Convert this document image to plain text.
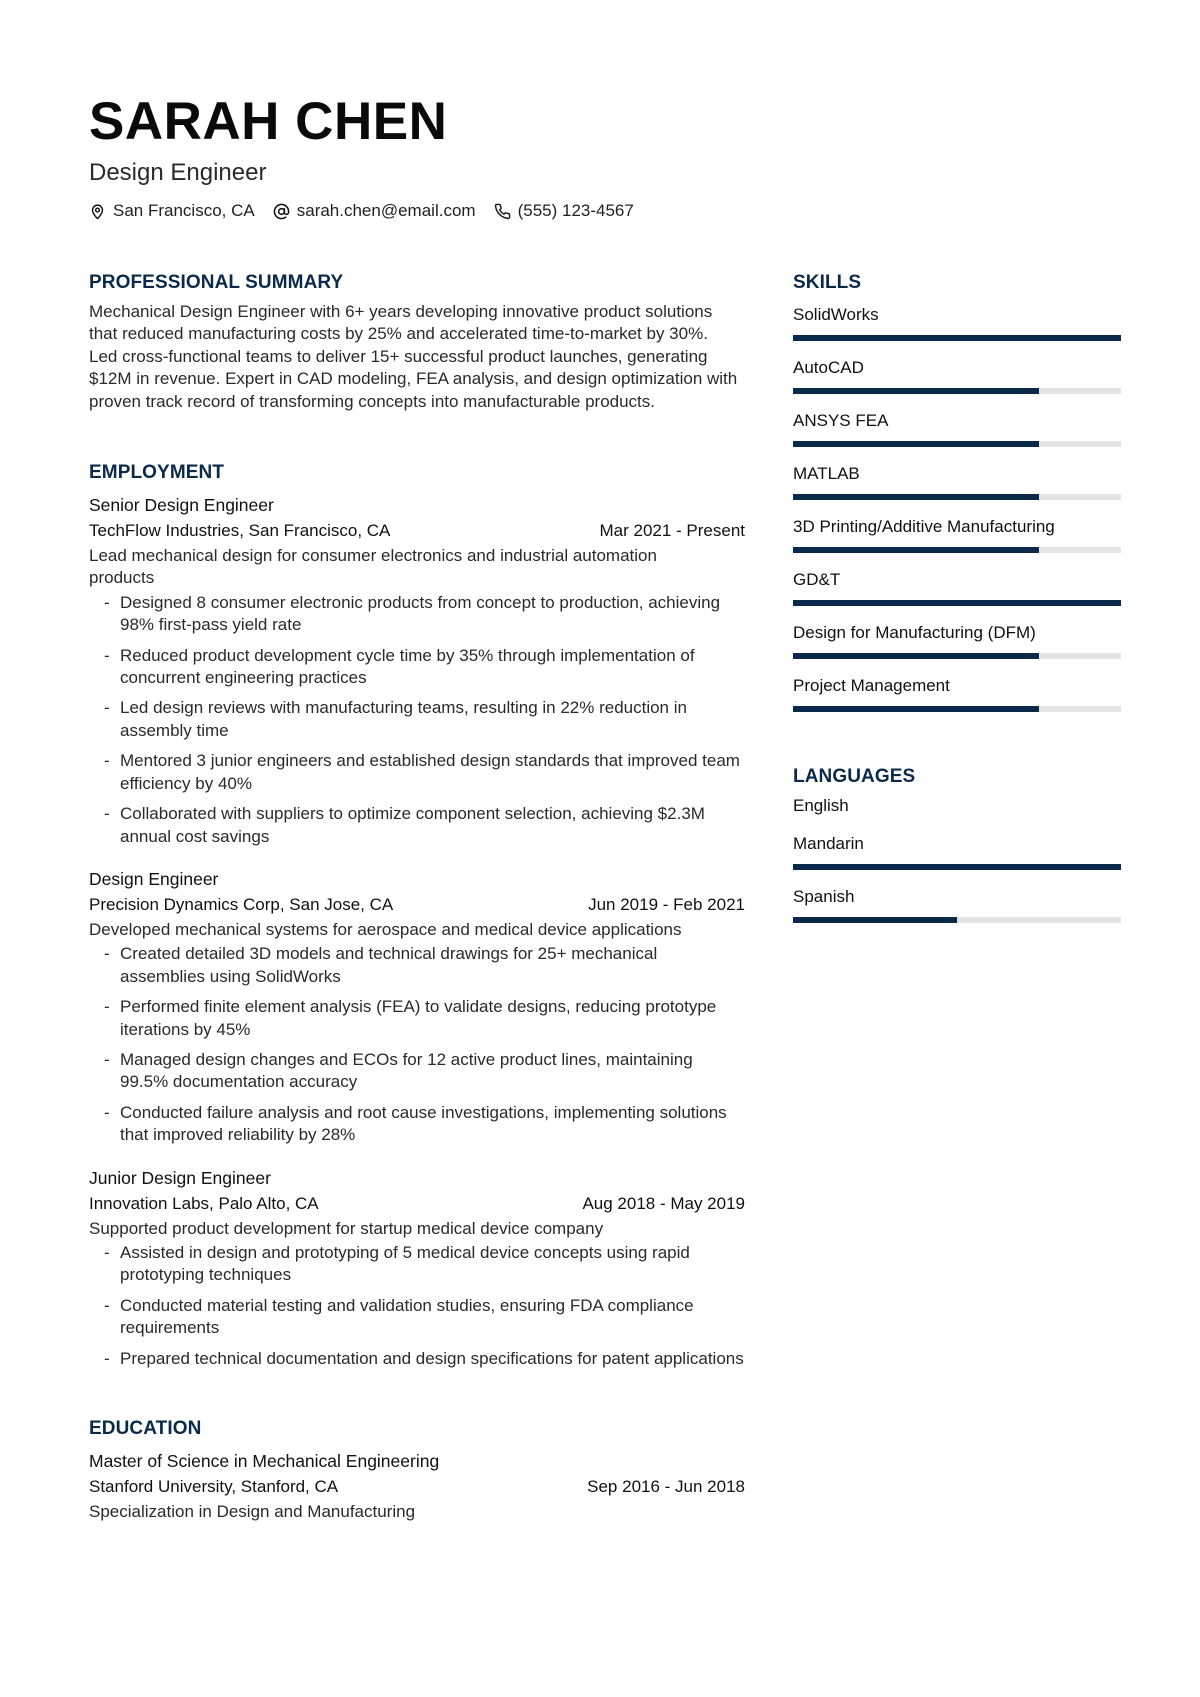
SARAH CHEN
Design Engineer
San Francisco, CA sarah.chen@email.com (555) 123-4567
PROFESSIONAL SUMMARY
Mechanical Design Engineer with 6+ years developing innovative product solutions
that reduced manufacturing costs by 25% and accelerated time-to-market by 30%.
Led cross-functional teams to deliver 15+ successful product launches, generating
$12M in revenue. Expert in CAD modeling, FEA analysis, and design optimization with
proven track record of transforming concepts into manufacturable products.
EMPLOYMENT
Senior Design Engineer
TechFlow Industries, San Francisco, CA	Mar 2021 - Present
Lead mechanical design for consumer electronics and industrial automation products
- Designed 8 consumer electronic products from concept to production, achieving 98% first-pass yield rate
- Reduced product development cycle time by 35% through implementation of concurrent engineering practices
- Led design reviews with manufacturing teams, resulting in 22% reduction in assembly time
- Mentored 3 junior engineers and established design standards that improved team efficiency by 40%
- Collaborated with suppliers to optimize component selection, achieving $2.3M annual cost savings
Design Engineer
Precision Dynamics Corp, San Jose, CA	Jun 2019 - Feb 2021
Developed mechanical systems for aerospace and medical device applications
- Created detailed 3D models and technical drawings for 25+ mechanical assemblies using SolidWorks
- Performed finite element analysis (FEA) to validate designs, reducing prototype iterations by 45%
- Managed design changes and ECOs for 12 active product lines, maintaining 99.5% documentation accuracy
- Conducted failure analysis and root cause investigations, implementing solutions that improved reliability by 28%
Junior Design Engineer
Innovation Labs, Palo Alto, CA	Aug 2018 - May 2019
Supported product development for startup medical device company
- Assisted in design and prototyping of 5 medical device concepts using rapid prototyping techniques
- Conducted material testing and validation studies, ensuring FDA compliance requirements
- Prepared technical documentation and design specifications for patent applications
EDUCATION
Master of Science in Mechanical Engineering
Stanford University, Stanford, CA	Sep 2016 - Jun 2018
Specialization in Design and Manufacturing
SKILLS
SolidWorks
AutoCAD
ANSYS FEA
MATLAB
3D Printing/Additive Manufacturing
GD&T
Design for Manufacturing (DFM)
Project Management
LANGUAGES
English
Mandarin
Spanish
